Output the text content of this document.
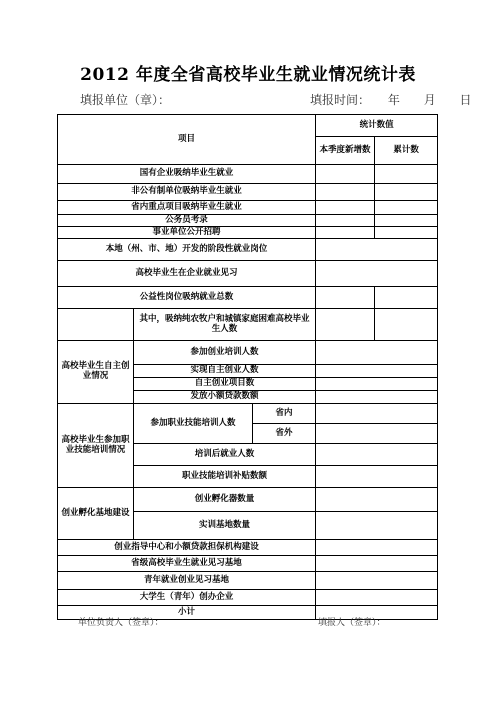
2012 年度全省高校毕业生就业情况统计表
填报单位（章）：	填报时间： 年 月 日
项目			统计数值	
			本季度新增数	累计数
国有企业吸纳毕业生就业				
非公有制单位吸纳毕业生就业				
省内重点项目吸纳毕业生就业				
公务员考录				
事业单位公开招聘				
本地（州、市、地）开发的阶段性就业岗位				
高校毕业生在企业就业见习				
公益性岗位吸纳就业总数				
	其中，吸纳纯农牧户和城镇家庭困难高校毕业生人数			
高校毕业生自主创业情况	参加创业培训人数			
	实现自主创业人数			
	自主创业项目数			
	发放小额贷款数额			
高校毕业生参加职业技能培训情况	参加职业技能培训人数	省内		
		省外		
	培训后就业人数			
	职业技能培训补贴数额			
创业孵化基地建设	创业孵化器数量			
	实训基地数量			
创业指导中心和小额贷款担保机构建设				
省级高校毕业生就业见习基地				
青年就业创业见习基地				
大学生（青年）创办企业				
小计				
单位负责人（签章）：	填报人（签章）：
